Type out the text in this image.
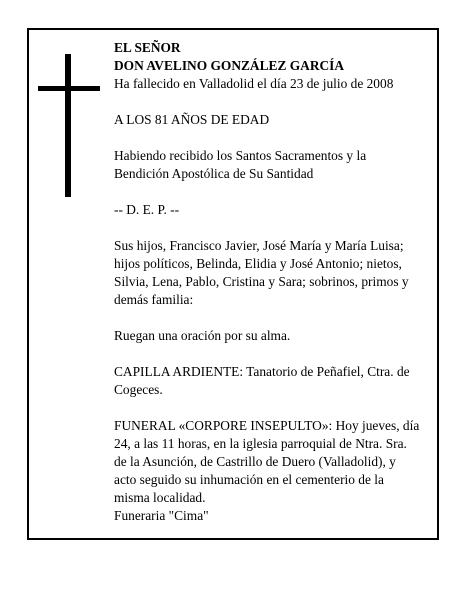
EL SEÑOR

DON AVELINO GONZÁLEZ GARCÍA

Ha fallecido en Valladolid el día 23 de julio de 2008

A LOS 81 AÑOS DE EDAD

Habiendo recibido los Santos Sacramentos y la
Bendición Apostólica de Su Santidad

-- D. E. P. --

Sus hijos, Francisco Javier, José María y María Luisa;
hijos políticos, Belinda, Elidia y José Antonio; nietos,
Silvia, Lena, Pablo, Cristina y Sara; sobrinos, primos y
demás familia:

Ruegan una oración por su alma.

CAPILLA ARDIENTE: Tanatorio de Peñafiel, Ctra. de
Cogeces.

FUNERAL «CORPORE INSEPULTO»: Hoy jueves, día
24, a las 11 horas, en la iglesia parroquial de Ntra. Sra.
de la Asunción, de Castrillo de Duero (Valladolid), y
acto seguido su inhumación en el cementerio de la
misma localidad.

Funeraria "Cima"
